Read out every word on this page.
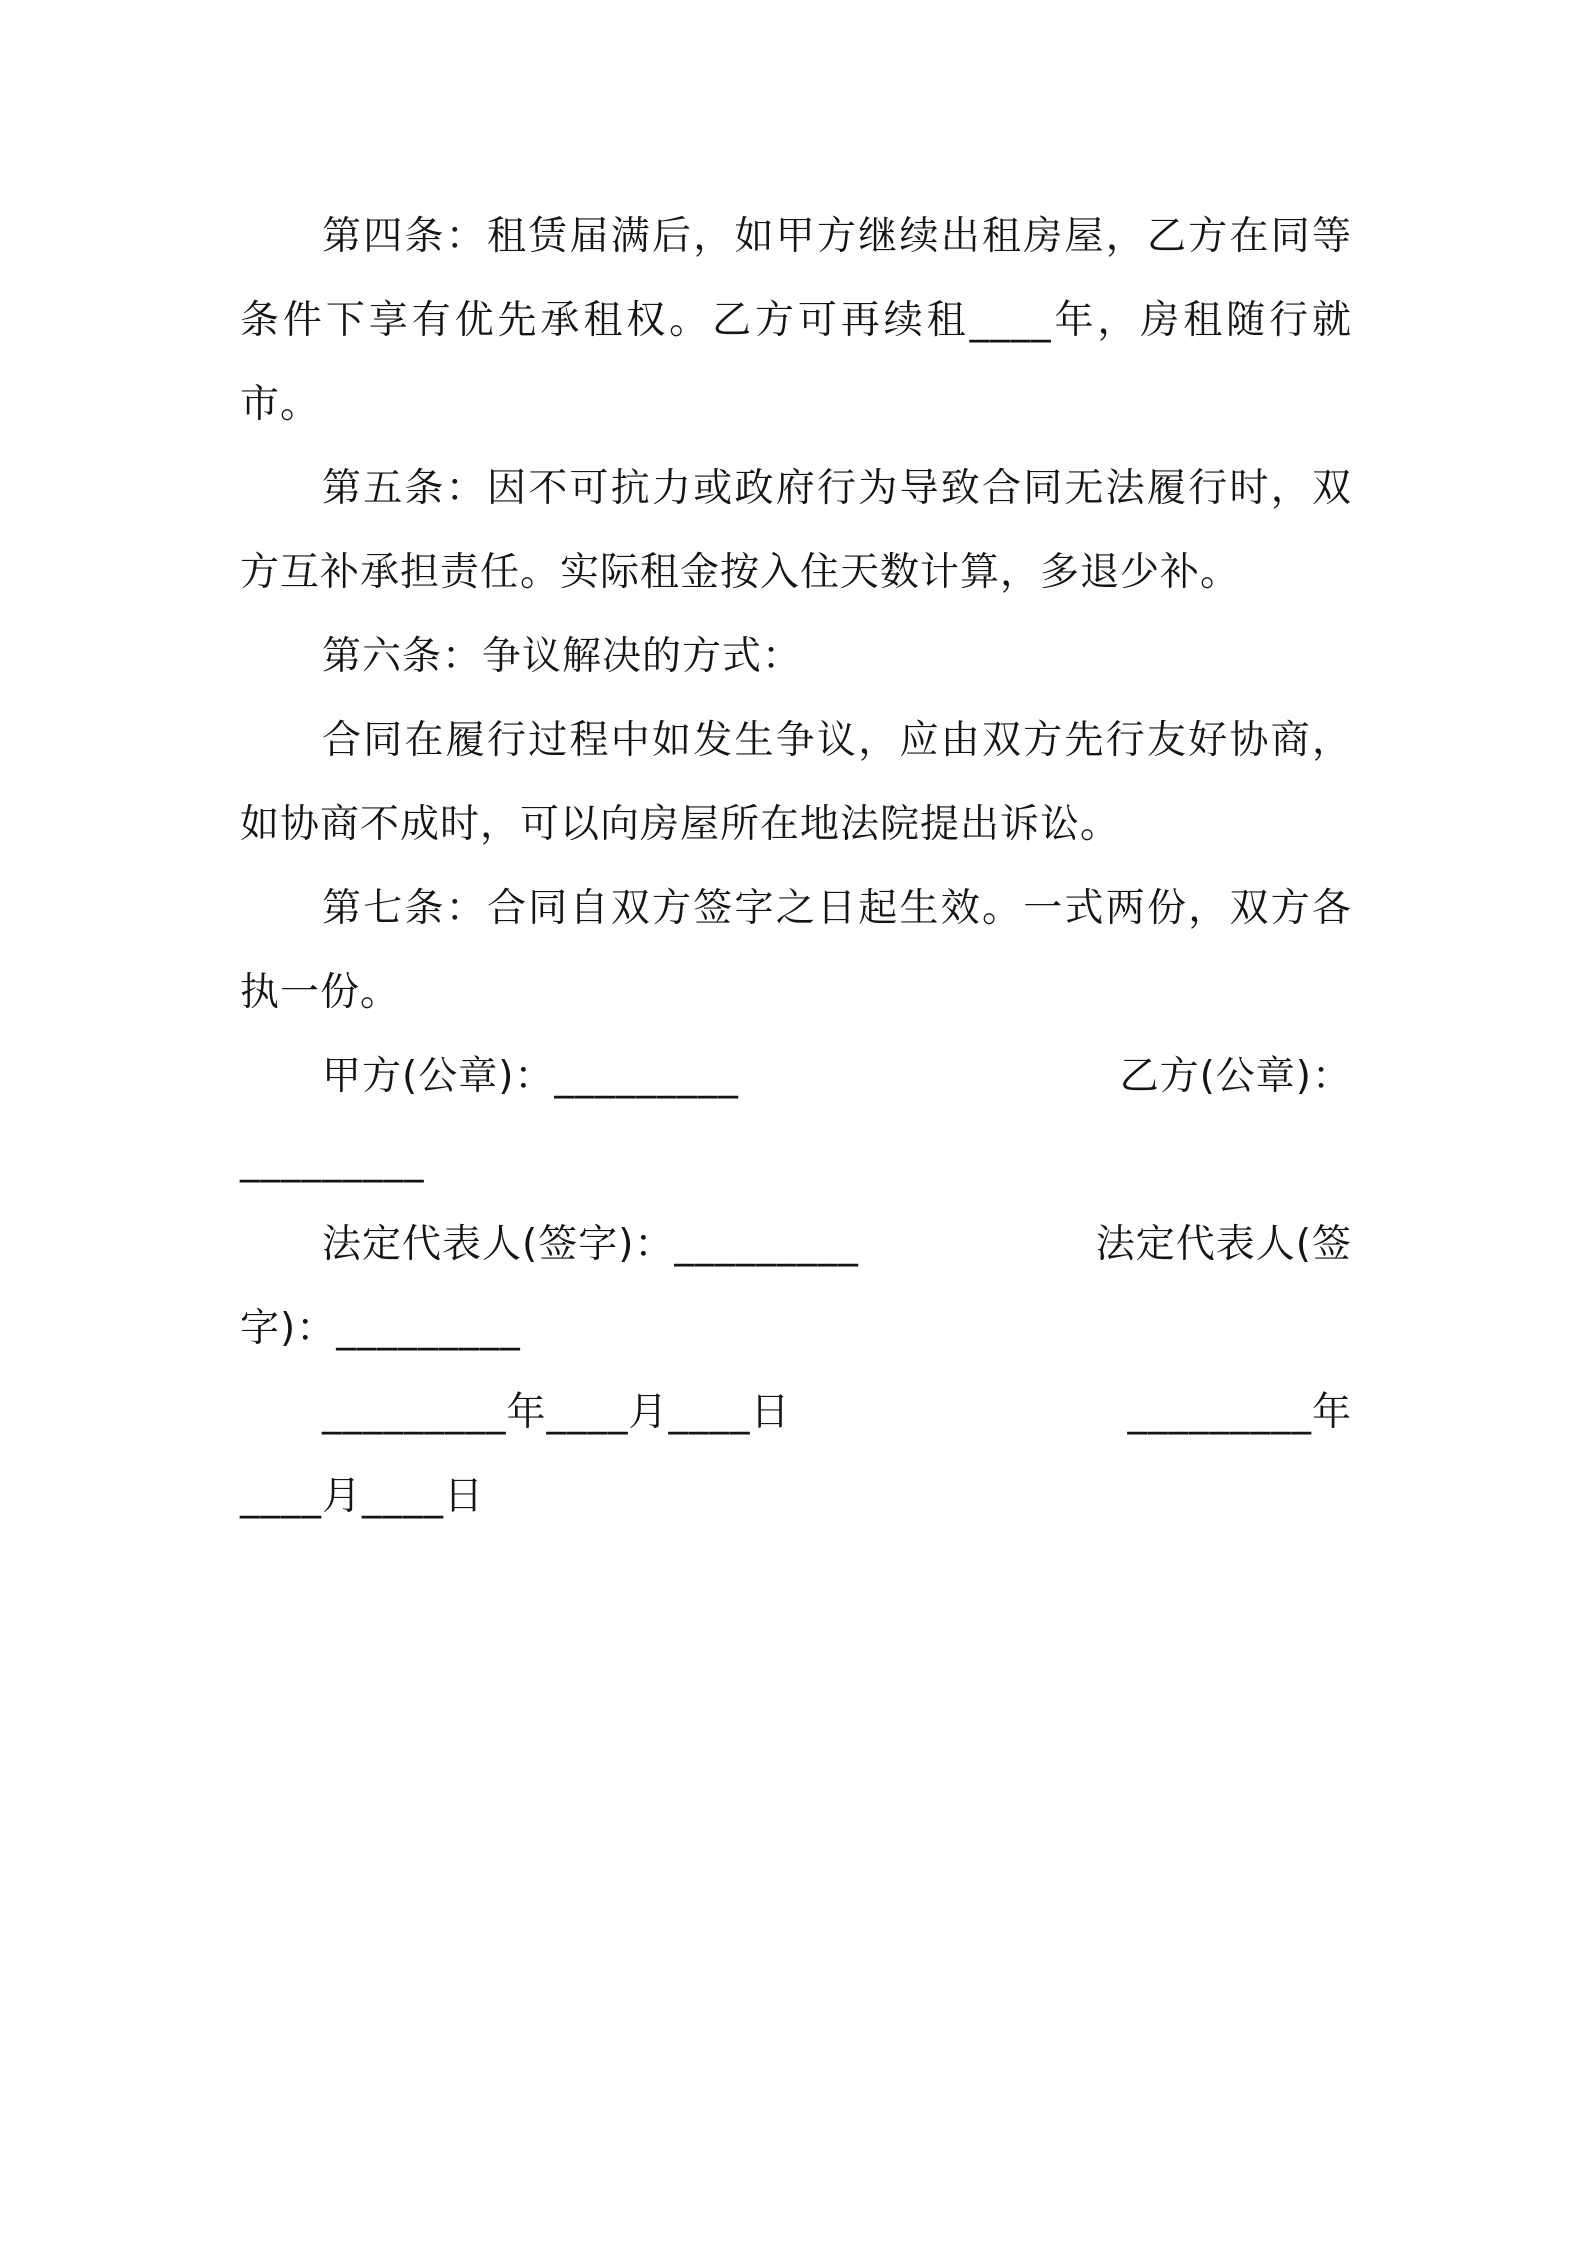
第四条：租赁届满后，如甲方继续出租房屋，乙方在同等条件下享有优先承租权。乙方可再续租____年，房租随行就市。

第五条：因不可抗力或政府行为导致合同无法履行时，双方互补承担责任。实际租金按入住天数计算，多退少补。

第六条：争议解决的方式：

合同在履行过程中如发生争议，应由双方先行友好协商，如协商不成时，可以向房屋所在地法院提出诉讼。

第七条：合同自双方签字之日起生效。一式两份，双方各执一份。

甲方(公章)：_________	乙方(公章)：
_________
法定代表人(签字)：_________	法定代表人(签
字)：_________
_________年____月____日	_________年
____月____日
